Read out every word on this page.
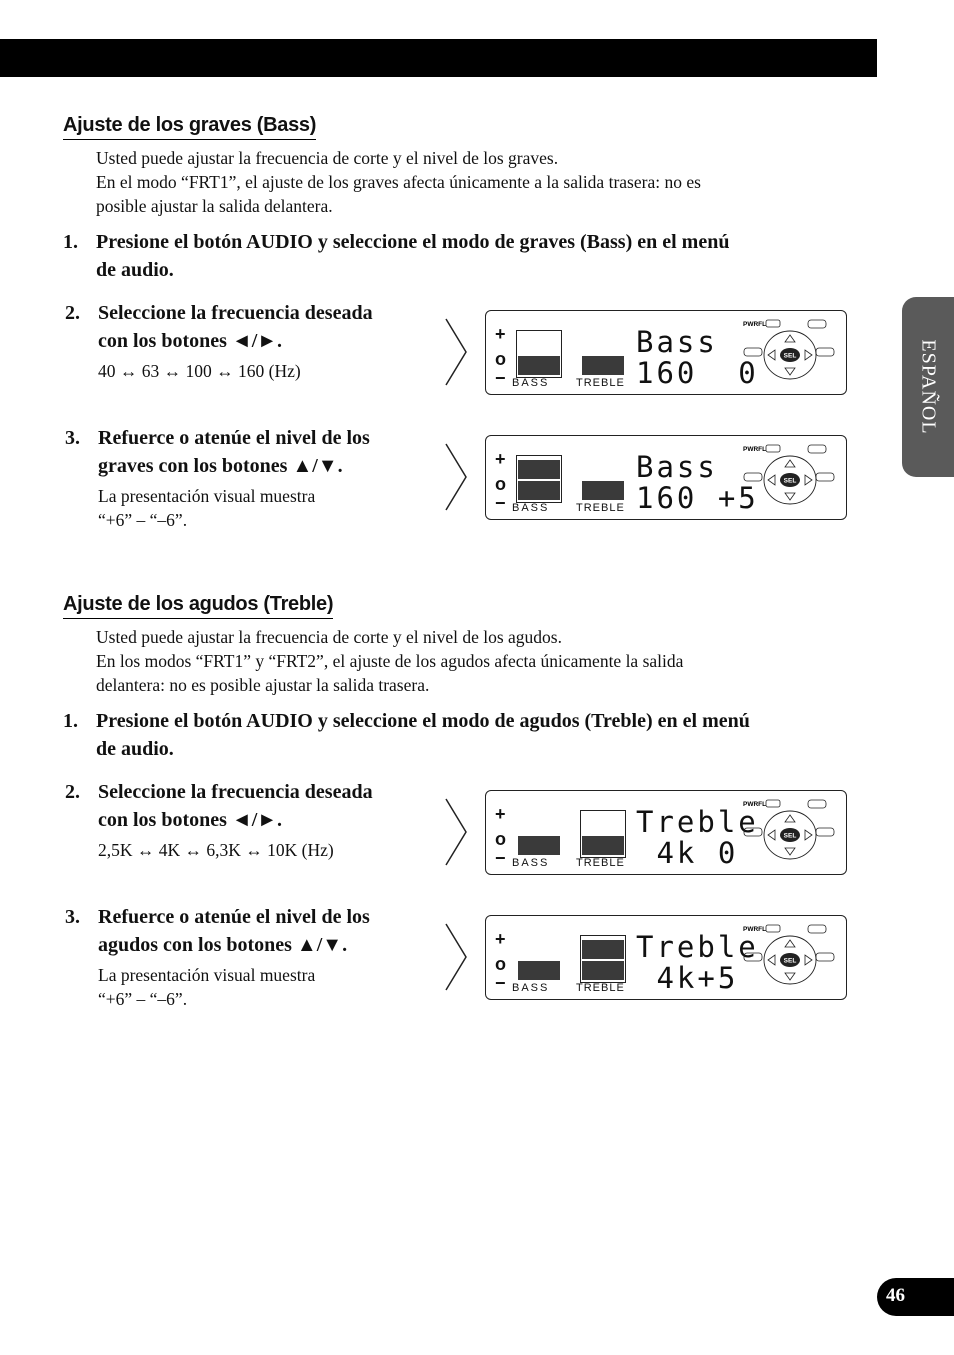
ESPAÑOL
46
Ajuste de los graves (Bass)
Usted puede ajustar la frecuencia de corte y el nivel de los graves.
En el modo “FRT1”, el ajuste de los graves afecta únicamente a la salida trasera: no es
posible ajustar la salida delantera.
1. Presione el botón AUDIO y seleccione el modo de graves (Bass) en el menú
de audio.
2. Seleccione la frecuencia deseada
con los botones ◄/►.
40 ↔ 63 ↔ 100 ↔ 160 (Hz)
3. Refuerce o atenúe el nivel de los
graves con los botones ▲/▼.
La presentación visual muestra
“+6” – “–6”.
Ajuste de los agudos (Treble)
Usted puede ajustar la frecuencia de corte y el nivel de los agudos.
En los modos “FRT1” y “FRT2”, el ajuste de los agudos afecta únicamente la salida
delantera: no es posible ajustar la salida trasera.
1. Presione el botón AUDIO y seleccione el modo de agudos (Treble) en el menú
de audio.
2. Seleccione la frecuencia deseada
con los botones ◄/►.
2,5K ↔ 4K ↔ 6,3K ↔ 10K (Hz)
3. Refuerce o atenúe el nivel de los
agudos con los botones ▲/▼.
La presentación visual muestra
“+6” – “–6”.
+
o
− BASS TREBLE
Bass
160  0
PWRFL
SEL
+
o
− BASS TREBLE
Bass
160 +5
PWRFL
SEL
+
o
− BASS TREBLE
Treble
4k 0
PWRFL
SEL
+
o
− BASS TREBLE
Treble
4k+5
PWRFL
SEL
